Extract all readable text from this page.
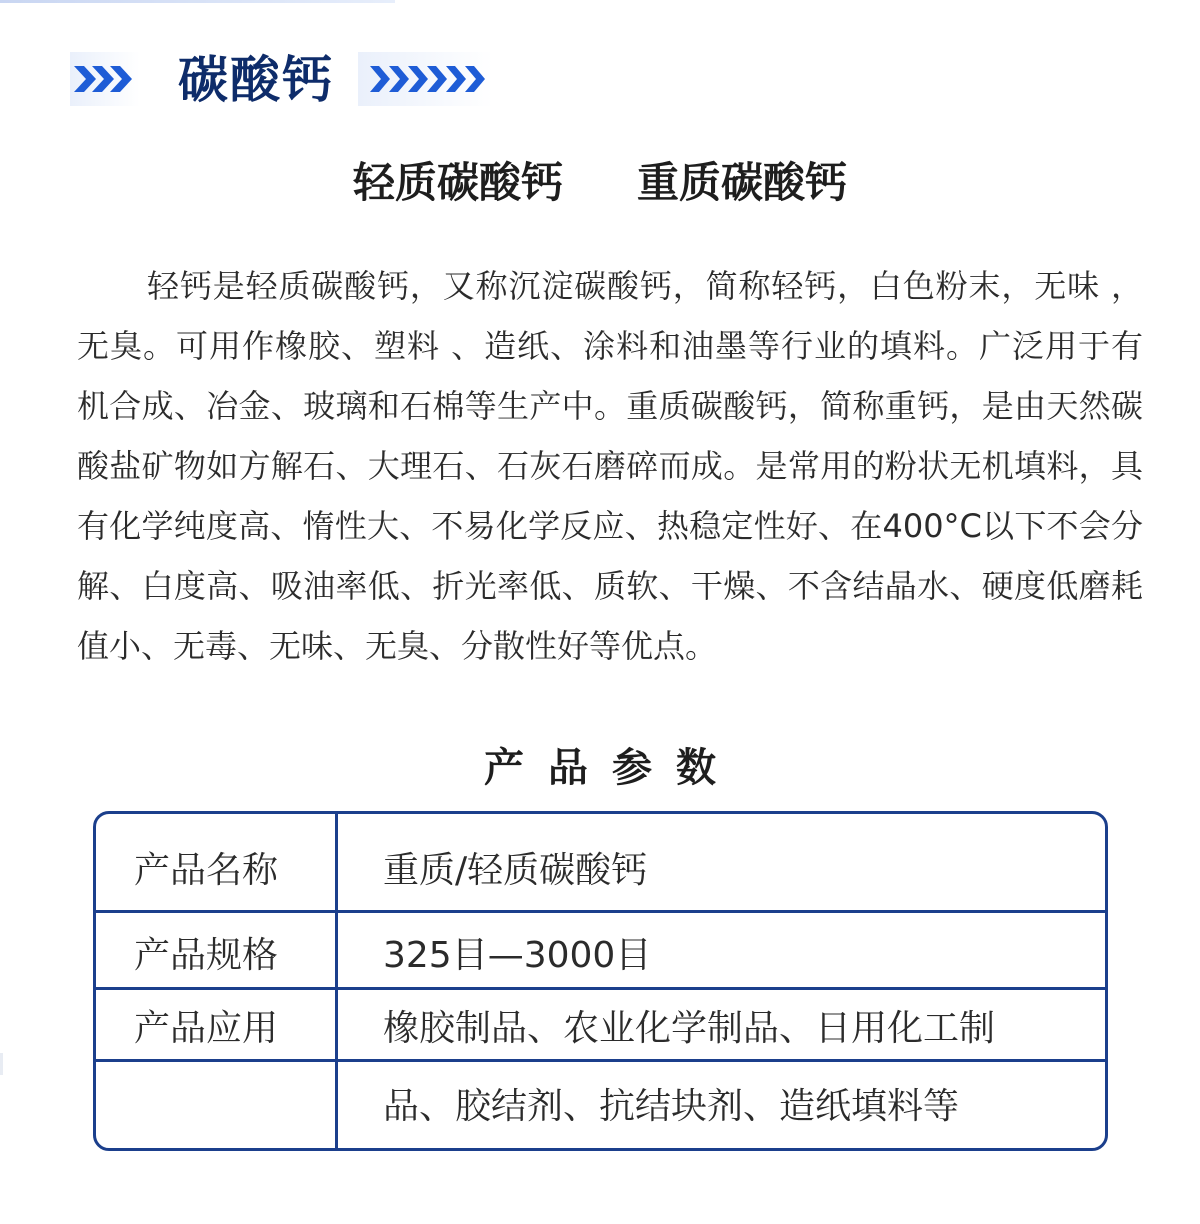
碳酸钙
轻质碳酸钙 重质碳酸钙

轻钙是轻质碳酸钙，又称沉淀碳酸钙，简称轻钙，白色粉末，无味 ，无臭。可用作橡胶、塑料 、造纸、涂料和油墨等行业的填料。广泛用于有机合成、冶金、玻璃和石棉等生产中。重质碳酸钙，简称重钙，是由天然碳酸盐矿物如方解石、大理石、石灰石磨碎而成。是常用的粉状无机填料，具有化学纯度高、惰性大、不易化学反应、热稳定性好、在400°C以下不会分解、白度高、吸油率低、折光率低、质软、干燥、不含结晶水、硬度低磨耗值小、无毒、无味、无臭、分散性好等优点。

产品参数
产品名称	重质/轻质碳酸钙
产品规格	325目—3000目
产品应用	橡胶制品、农业化学制品、日用化工制
品、胶结剂、抗结块剂、造纸填料等
